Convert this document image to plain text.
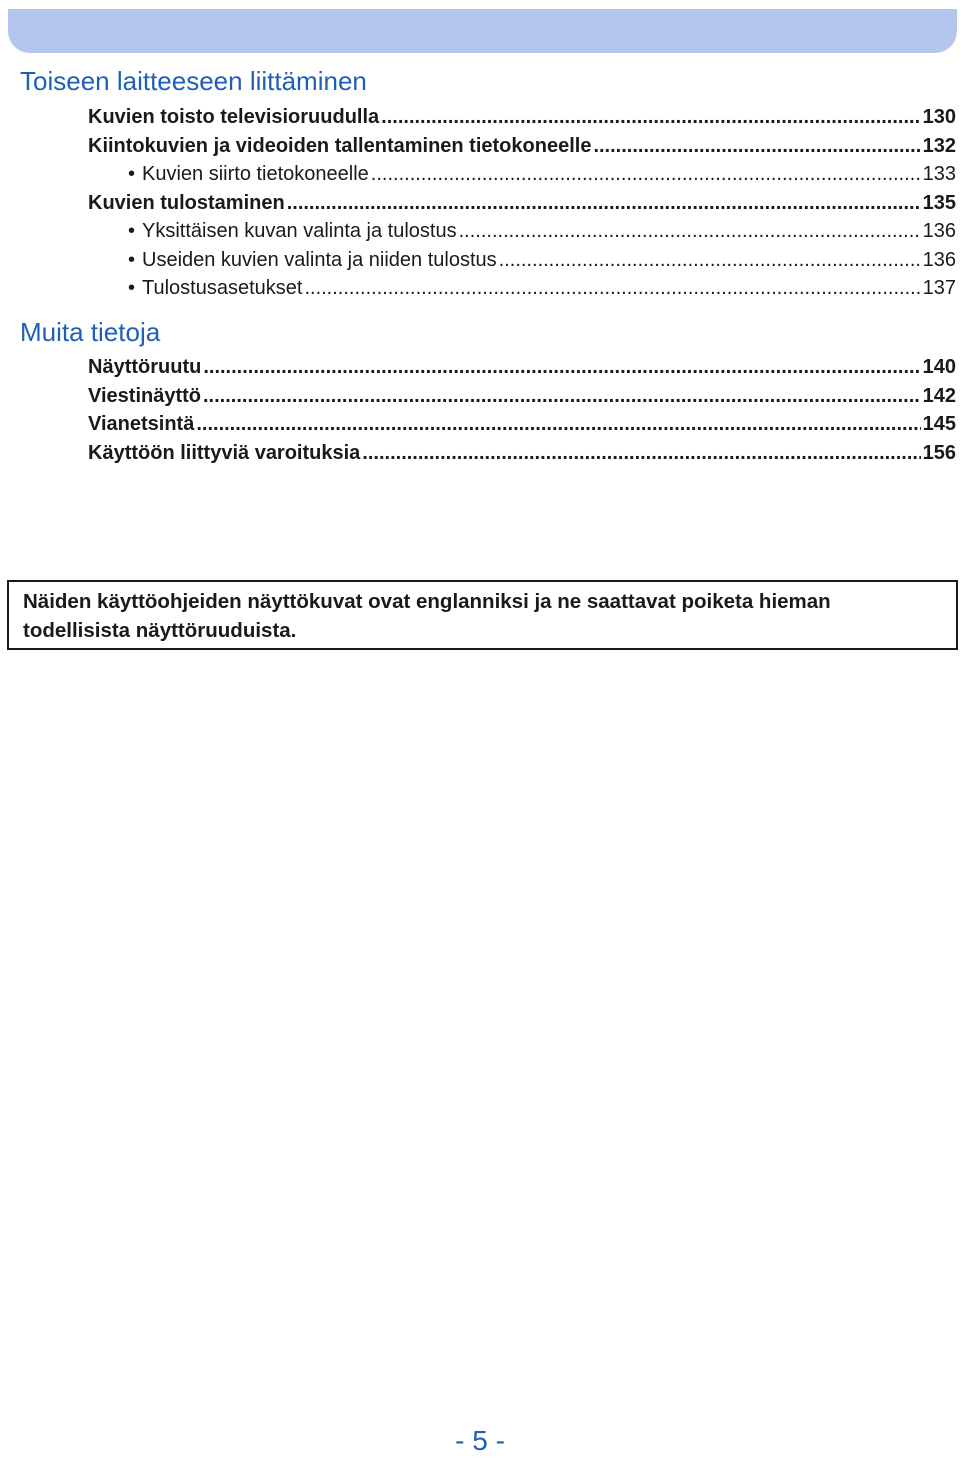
Toiseen laitteeseen liittäminen
Kuvien toisto televisioruudulla .....	130
Kiintokuvien ja videoiden tallentaminen tietokoneelle .....	132
• Kuvien siirto tietokoneelle .....	133
Kuvien tulostaminen .....	135
• Yksittäisen kuvan valinta ja tulostus .....	136
• Useiden kuvien valinta ja niiden tulostus .....	136
• Tulostusasetukset .....	137
Muita tietoja
Näyttöruutu .....	140
Viestinäyttö .....	142
Vianetsintä .....	145
Käyttöön liittyviä varoituksia .....	156

Näiden käyttöohjeiden näyttökuvat ovat englanniksi ja ne saattavat poiketa hieman todellisista näyttöruuduista.

- 5 -
